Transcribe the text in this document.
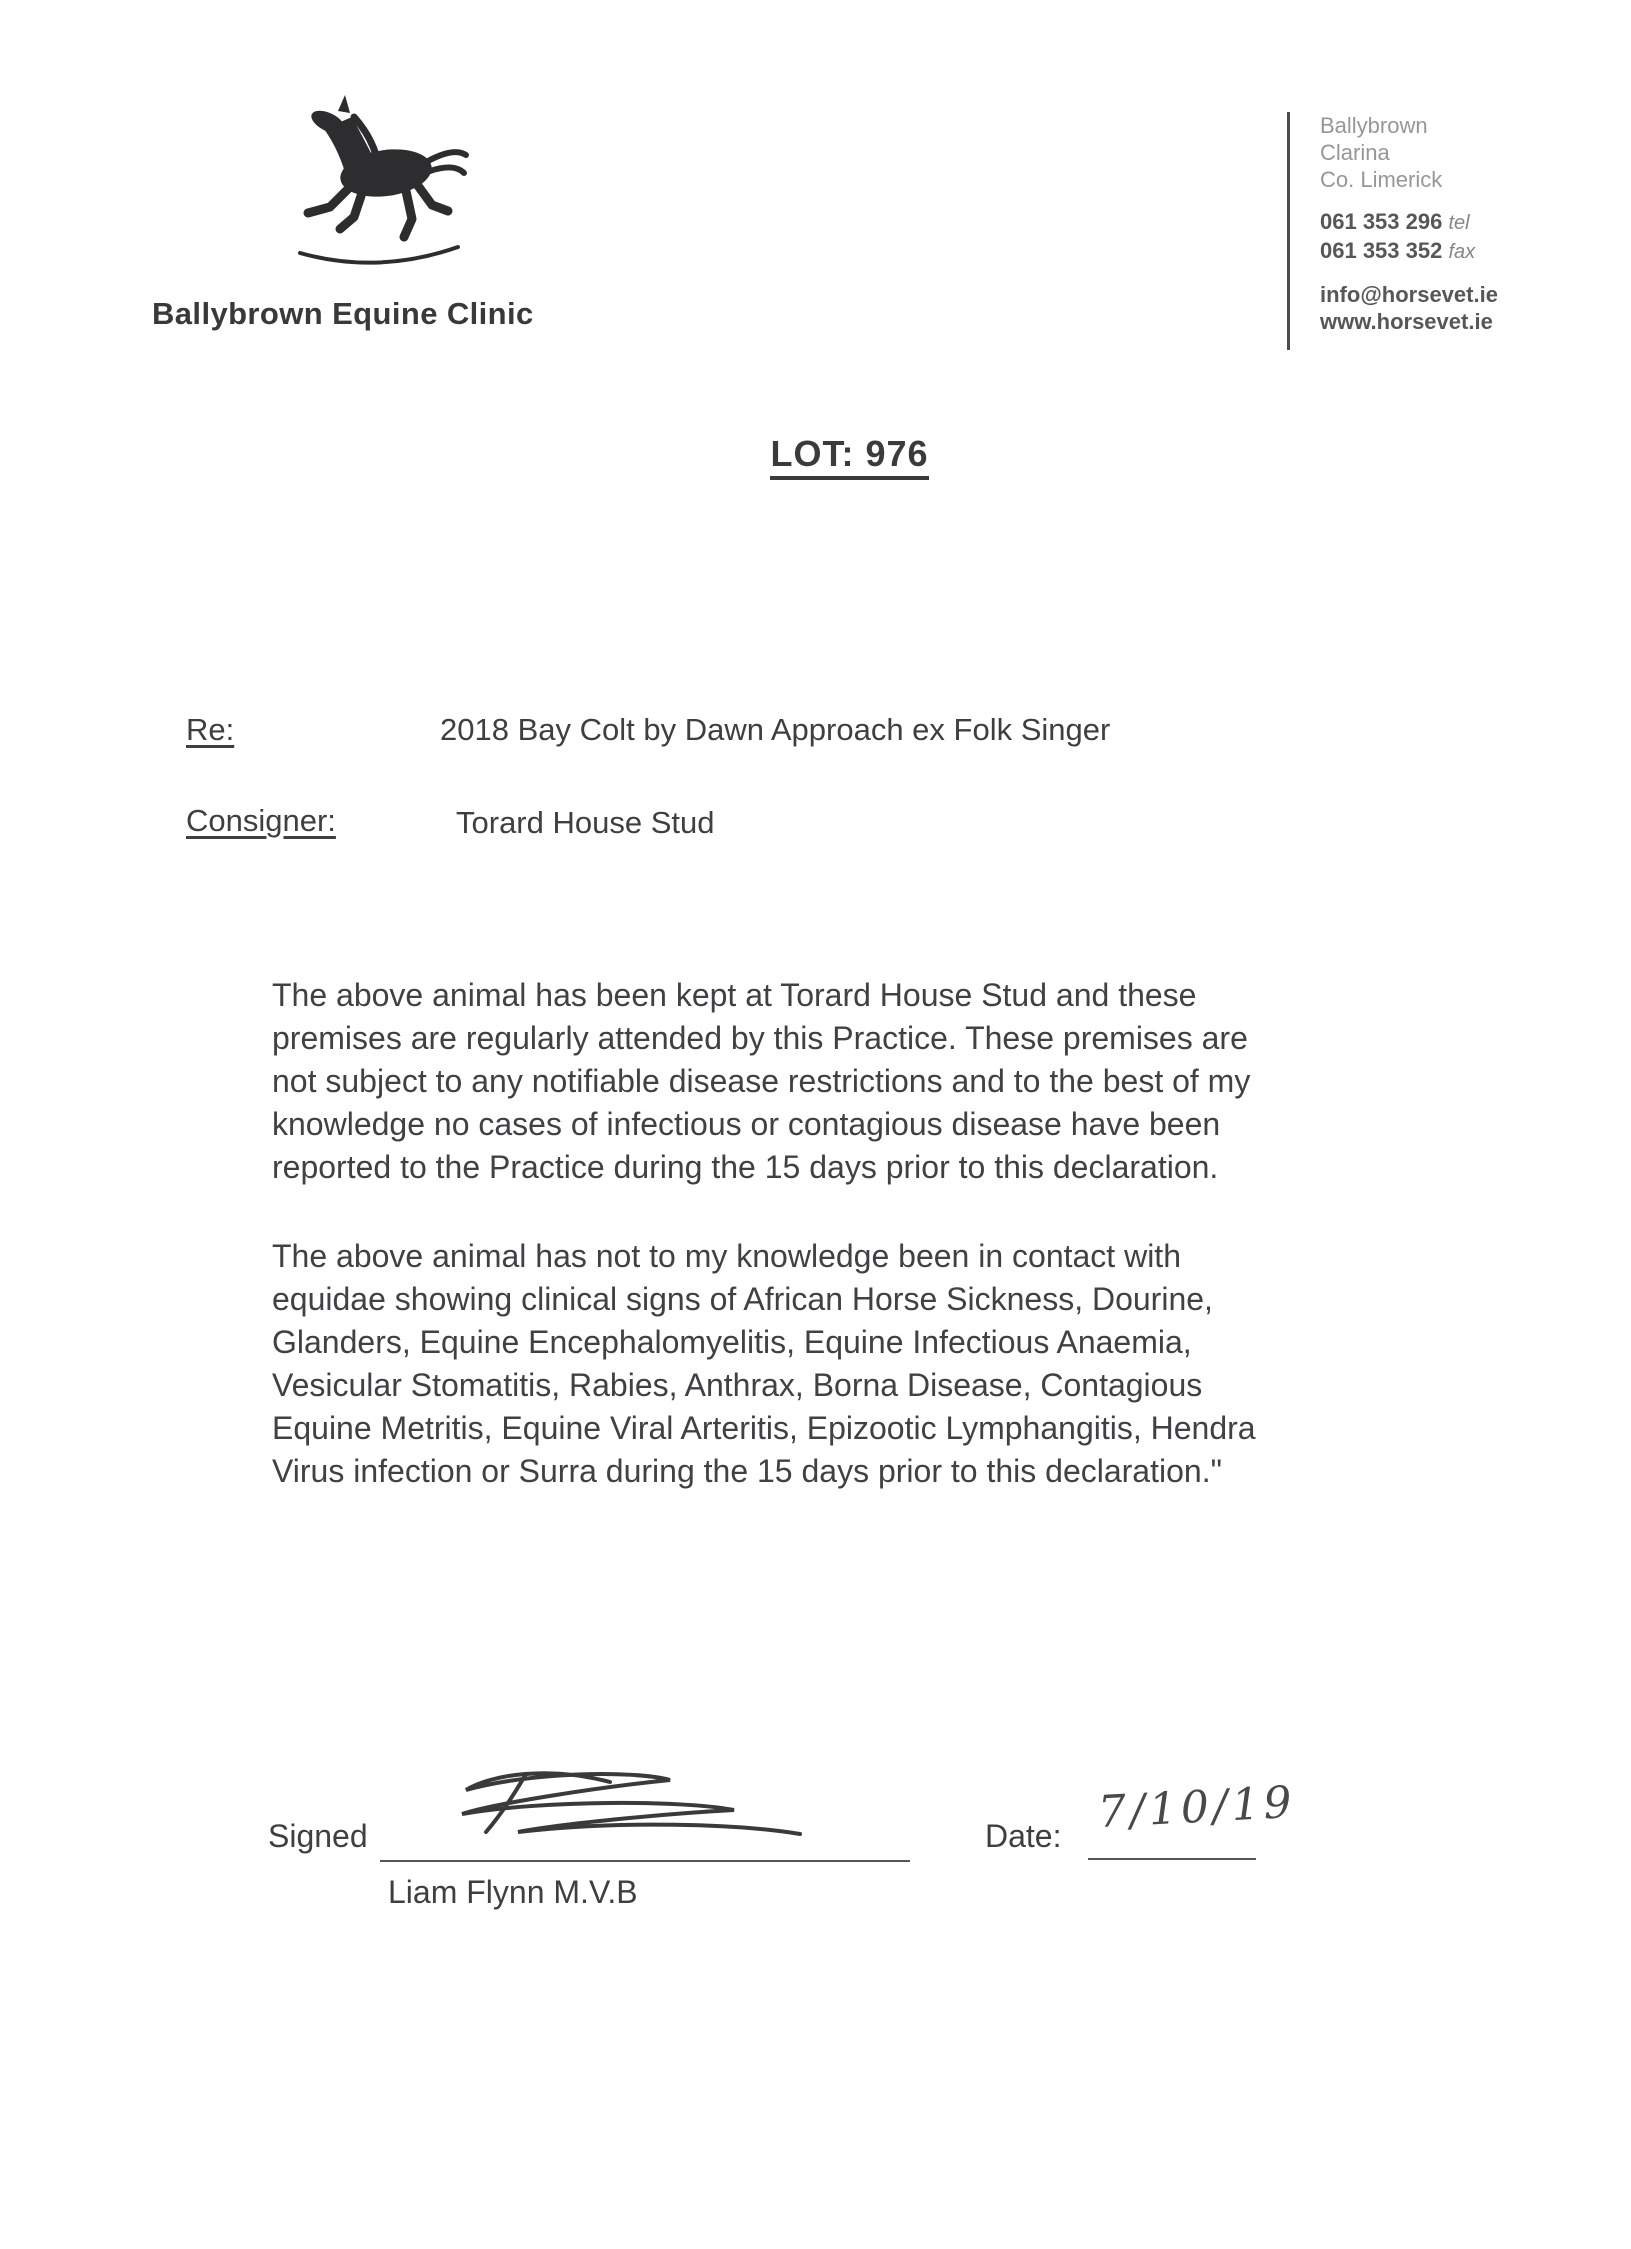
Ballybrown Equine Clinic
Ballybrown
Clarina
Co. Limerick
061 353 296 tel
061 353 352 fax
info@horsevet.ie
www.horsevet.ie
LOT: 976
Re:	2018 Bay Colt by Dawn Approach ex Folk Singer
Consigner:	Torard House Stud

The above animal has been kept at Torard House Stud and these premises are regularly attended by this Practice. These premises are not subject to any notifiable disease restrictions and to the best of my knowledge no cases of infectious or contagious disease have been reported to the Practice during the 15 days prior to this declaration.

The above animal has not to my knowledge been in contact with equidae showing clinical signs of African Horse Sickness, Dourine, Glanders, Equine Encephalomyelitis, Equine Infectious Anaemia, Vesicular Stomatitis, Rabies, Anthrax, Borna Disease, Contagious Equine Metritis, Equine Viral Arteritis, Epizootic Lymphangitis, Hendra Virus infection or Surra during the 15 days prior to this declaration."

Signed
Liam Flynn M.V.B
Date: 7/10/19
